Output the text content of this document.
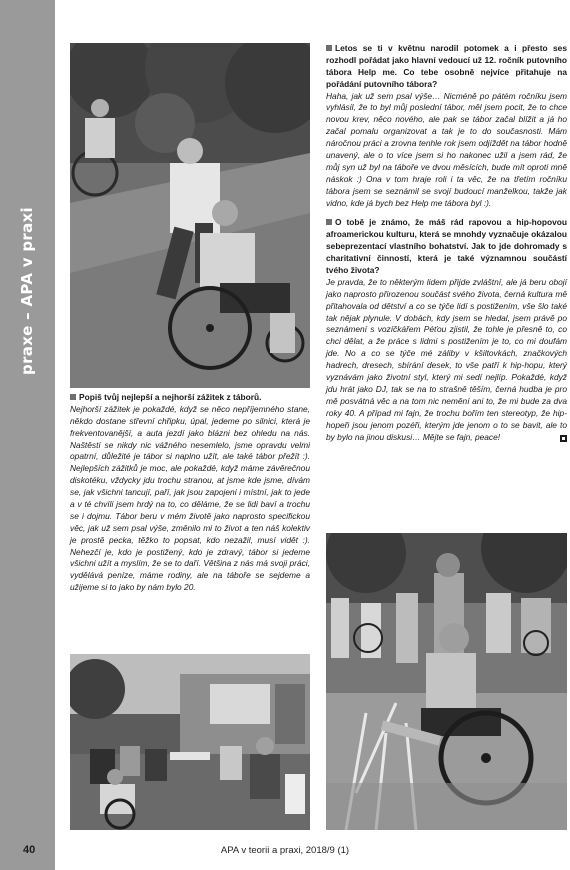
praxe – APA v praxi
Popiš tvůj nejlepší a nejhorší zážitek z táborů.
Nejhorší zážitek je pokaždé, když se něco nepříjemného stane, někdo dostane střevní chřipku, úpal, jedeme po silnici, která je frekventovanější, a auta jezdí jako blázni bez ohledu na nás. Naštěstí se nikdy nic vážného nesemlelo, jsme opravdu velmi opatrní, důležité je tábor si naplno užít, ale také tábor přežít :). Nejlepších zážitků je moc, ale pokaždé, když máme závěrečnou diskotéku, vždycky jdu trochu stranou, at jsme kde jsme, dívám se, jak všichni tancují, paří, jak jsou zapojeni i místní, jak to jede a v té chvíli jsem hrdý na to, co děláme, že se lidi baví a trochu se i dojmu. Tábor beru v mém životě jako naprosto specifickou věc, jak už sem psal výše, změnilo mi to život a ten náš kolektiv je prostě pecka, těžko to popsat, kdo nezažil, musí vidět :). Nehezčí je, kdo je postižený, kdo je zdravý, tábor si jedeme všichni užít a myslím, že se to daří. Většina z nás má svoji práci, vydělává peníze, máme rodiny, ale na táboře se sejdeme a užijeme si to jako by nám bylo 20.
Letos se ti v květnu narodil potomek a i přesto ses rozhodl pořádat jako hlavní vedoucí už 12. ročník putovního tábora Help me. Co tebe osobně nejvíce přitahuje na pořádání putovního tábora?
Haha, jak už sem psal výše… Nicméně po pátém ročníku jsem vyhlásil, že to byl můj poslední tábor, měl jsem pocit, že to chce novou krev, něco nového, ale pak se tábor začal blížit a já ho začal pomalu organizovat a tak je to do současnosti. Mám náročnou práci a zrovna tenhle rok jsem odjíždět na tábor hodně unavený, ale o to více jsem si ho nakonec užil a jsem rád, že můj syn už byl na táboře ve dvou měsících, bude mít oproti mně náskok :) Ona v tom hraje roli i ta věc, že na třetím ročníku tábora jsem se seznámil se svojí budoucí manželkou, takže jak vidno, kde já bych bez Help me tábora byl :).
O tobě je známo, že máš rád rapovou a hip-hopovou afroamerickou kulturu, která se mnohdy vyznačuje okázalou sebeprezentací vlastního bohatství. Jak to jde dohromady s charitativní činností, která je také významnou součástí tvého života?
Je pravda, že to některým lidem přijde zvláštní, ale já beru obojí jako naprosto přirozenou součást svého života, černá kultura mě přitahovala od dětství a co se týče lidí s postižením, vše šlo také tak nějak plynule. V dobách, kdy jsem se hledal, jsem právě po seznámení s vozíčkářem Péťou zjistil, že tohle je přesně to, co chci dělat, a že práce s lidmi s postižením je to, co mi doufám jde. No a co se týče mé záliby v kšiltovkách, značkových hadrech, dresech, sbírání desek, to vše patří k hip-hopu, který vyznávám jako životní styl, který mi sedí nejlíp. Pokaždé, když jdu hrát jako DJ, tak se na to strašně těším, černá hudba je pro mě posvátná věc a na tom nic nemění ani to, že mi bude za dva roky 40. A případ mi fajn, že trochu bořím ten stereotyp, že hip-hopeři jsou jenom pozéři, kterým jde jenom o to se bavit, ale to by bylo na jinou diskusi… Mějte se fajn, peace!
40	APA v teorii a praxi, 2018/9 (1)
